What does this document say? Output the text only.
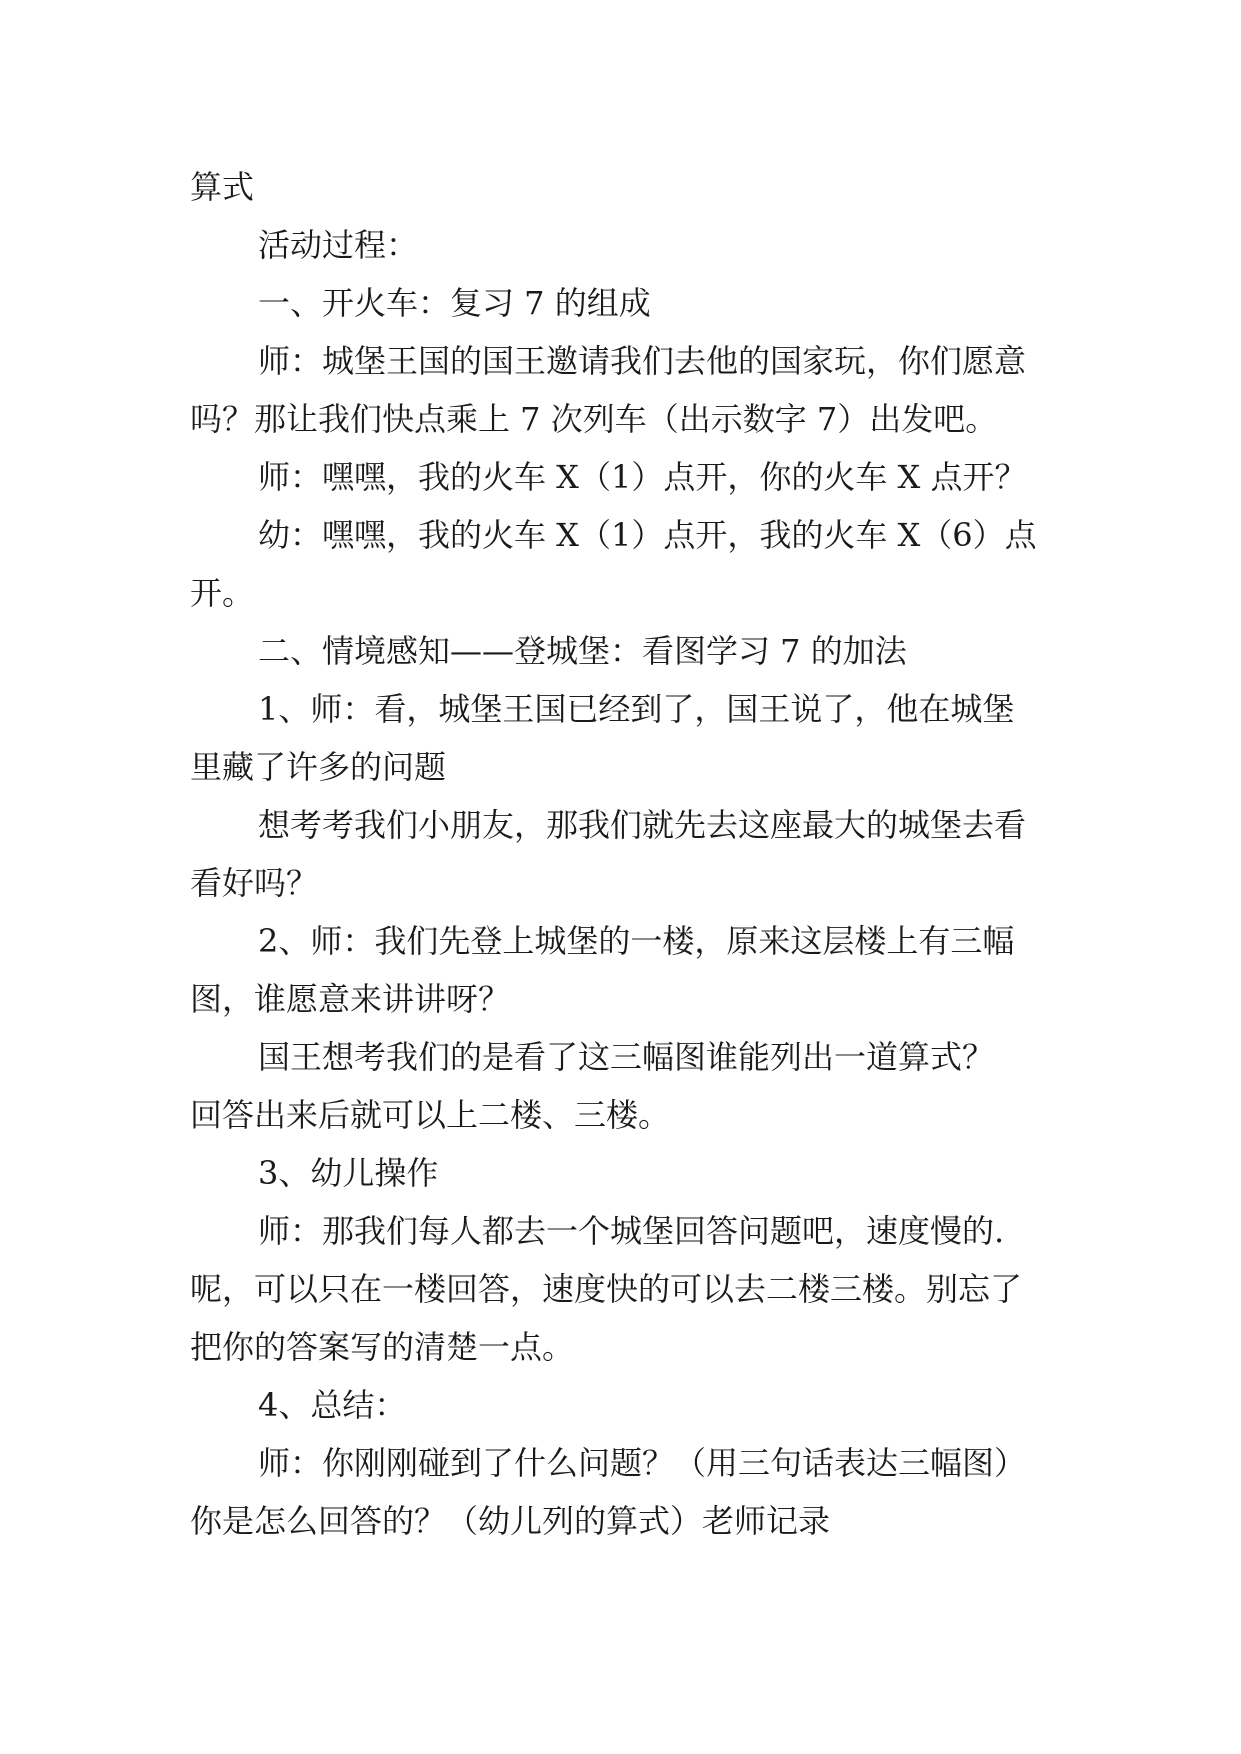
算式
活动过程：
一、开火车：复习 7 的组成
师：城堡王国的国王邀请我们去他的国家玩，你们愿意
吗？那让我们快点乘上 7 次列车（出示数字 7）出发吧。
师：嘿嘿，我的火车 X（1）点开，你的火车 X 点开？
幼：嘿嘿，我的火车 X（1）点开，我的火车 X（6）点
开。
二、情境感知——登城堡：看图学习 7 的加法
1、师：看，城堡王国已经到了，国王说了，他在城堡
里藏了许多的问题
想考考我们小朋友，那我们就先去这座最大的城堡去看
看好吗？
2、师：我们先登上城堡的一楼，原来这层楼上有三幅
图，谁愿意来讲讲呀？
国王想考我们的是看了这三幅图谁能列出一道算式？
回答出来后就可以上二楼、三楼。
3、幼儿操作
师：那我们每人都去一个城堡回答问题吧，速度慢的.
呢，可以只在一楼回答，速度快的可以去二楼三楼。别忘了
把你的答案写的清楚一点。
4、总结：
师：你刚刚碰到了什么问题？（用三句话表达三幅图）
你是怎么回答的？（幼儿列的算式）老师记录
